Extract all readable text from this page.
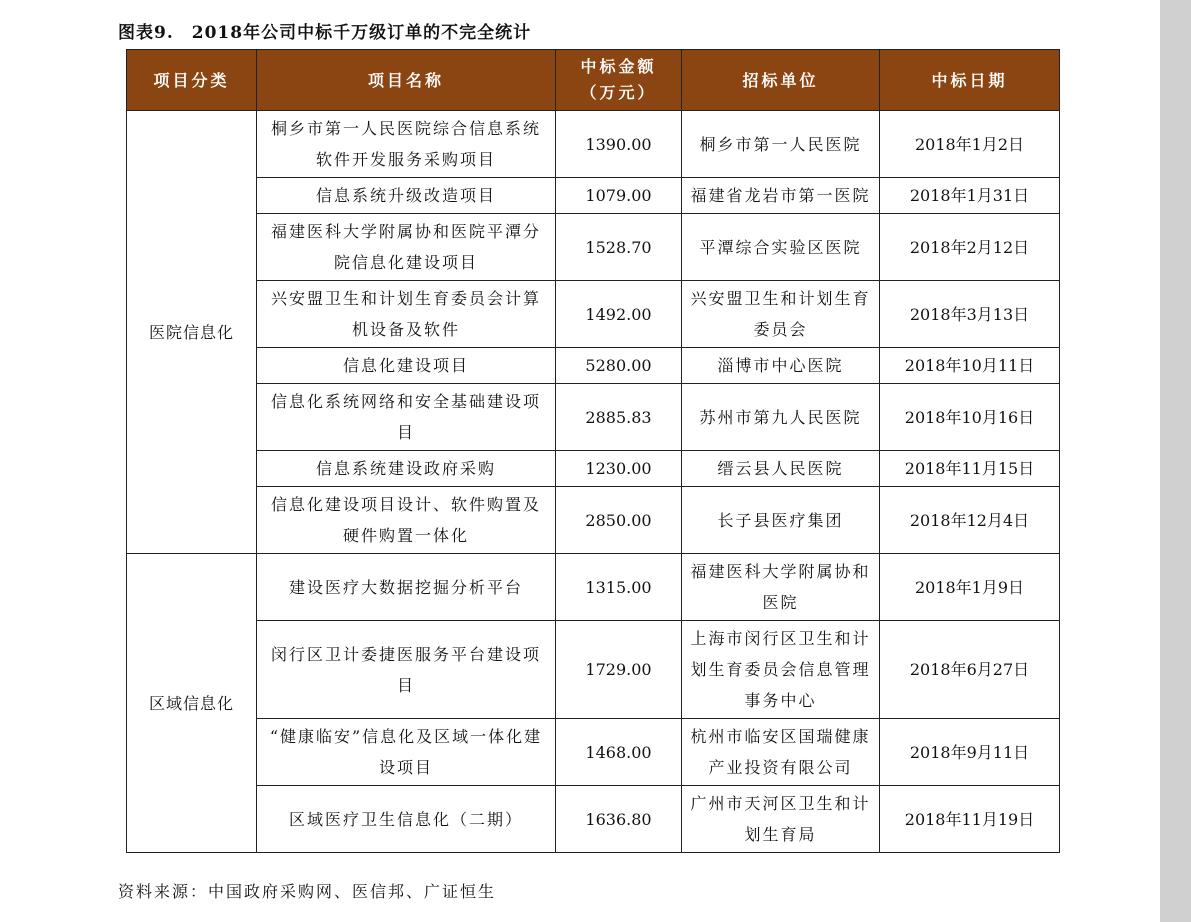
图表9. 2018年公司中标千万级订单的不完全统计
项目分类	项目名称	中标金额（万元）	招标单位	中标日期
医院信息化	桐乡市第一人民医院综合信息系统软件开发服务采购项目	1390.00	桐乡市第一人民医院	2018年1月2日
	信息系统升级改造项目	1079.00	福建省龙岩市第一医院	2018年1月31日
	福建医科大学附属协和医院平潭分院信息化建设项目	1528.70	平潭综合实验区医院	2018年2月12日
	兴安盟卫生和计划生育委员会计算机设备及软件	1492.00	兴安盟卫生和计划生育委员会	2018年3月13日
	信息化建设项目	5280.00	淄博市中心医院	2018年10月11日
	信息化系统网络和安全基础建设项目	2885.83	苏州市第九人民医院	2018年10月16日
	信息系统建设政府采购	1230.00	缙云县人民医院	2018年11月15日
	信息化建设项目设计、软件购置及硬件购置一体化	2850.00	长子县医疗集团	2018年12月4日
区域信息化	建设医疗大数据挖掘分析平台	1315.00	福建医科大学附属协和医院	2018年1月9日
	闵行区卫计委捷医服务平台建设项目	1729.00	上海市闵行区卫生和计划生育委员会信息管理事务中心	2018年6月27日
	“健康临安”信息化及区域一体化建设项目	1468.00	杭州市临安区国瑞健康产业投资有限公司	2018年9月11日
	区域医疗卫生信息化（二期）	1636.80	广州市天河区卫生和计划生育局	2018年11月19日
资料来源：中国政府采购网、医信邦、广证恒生
